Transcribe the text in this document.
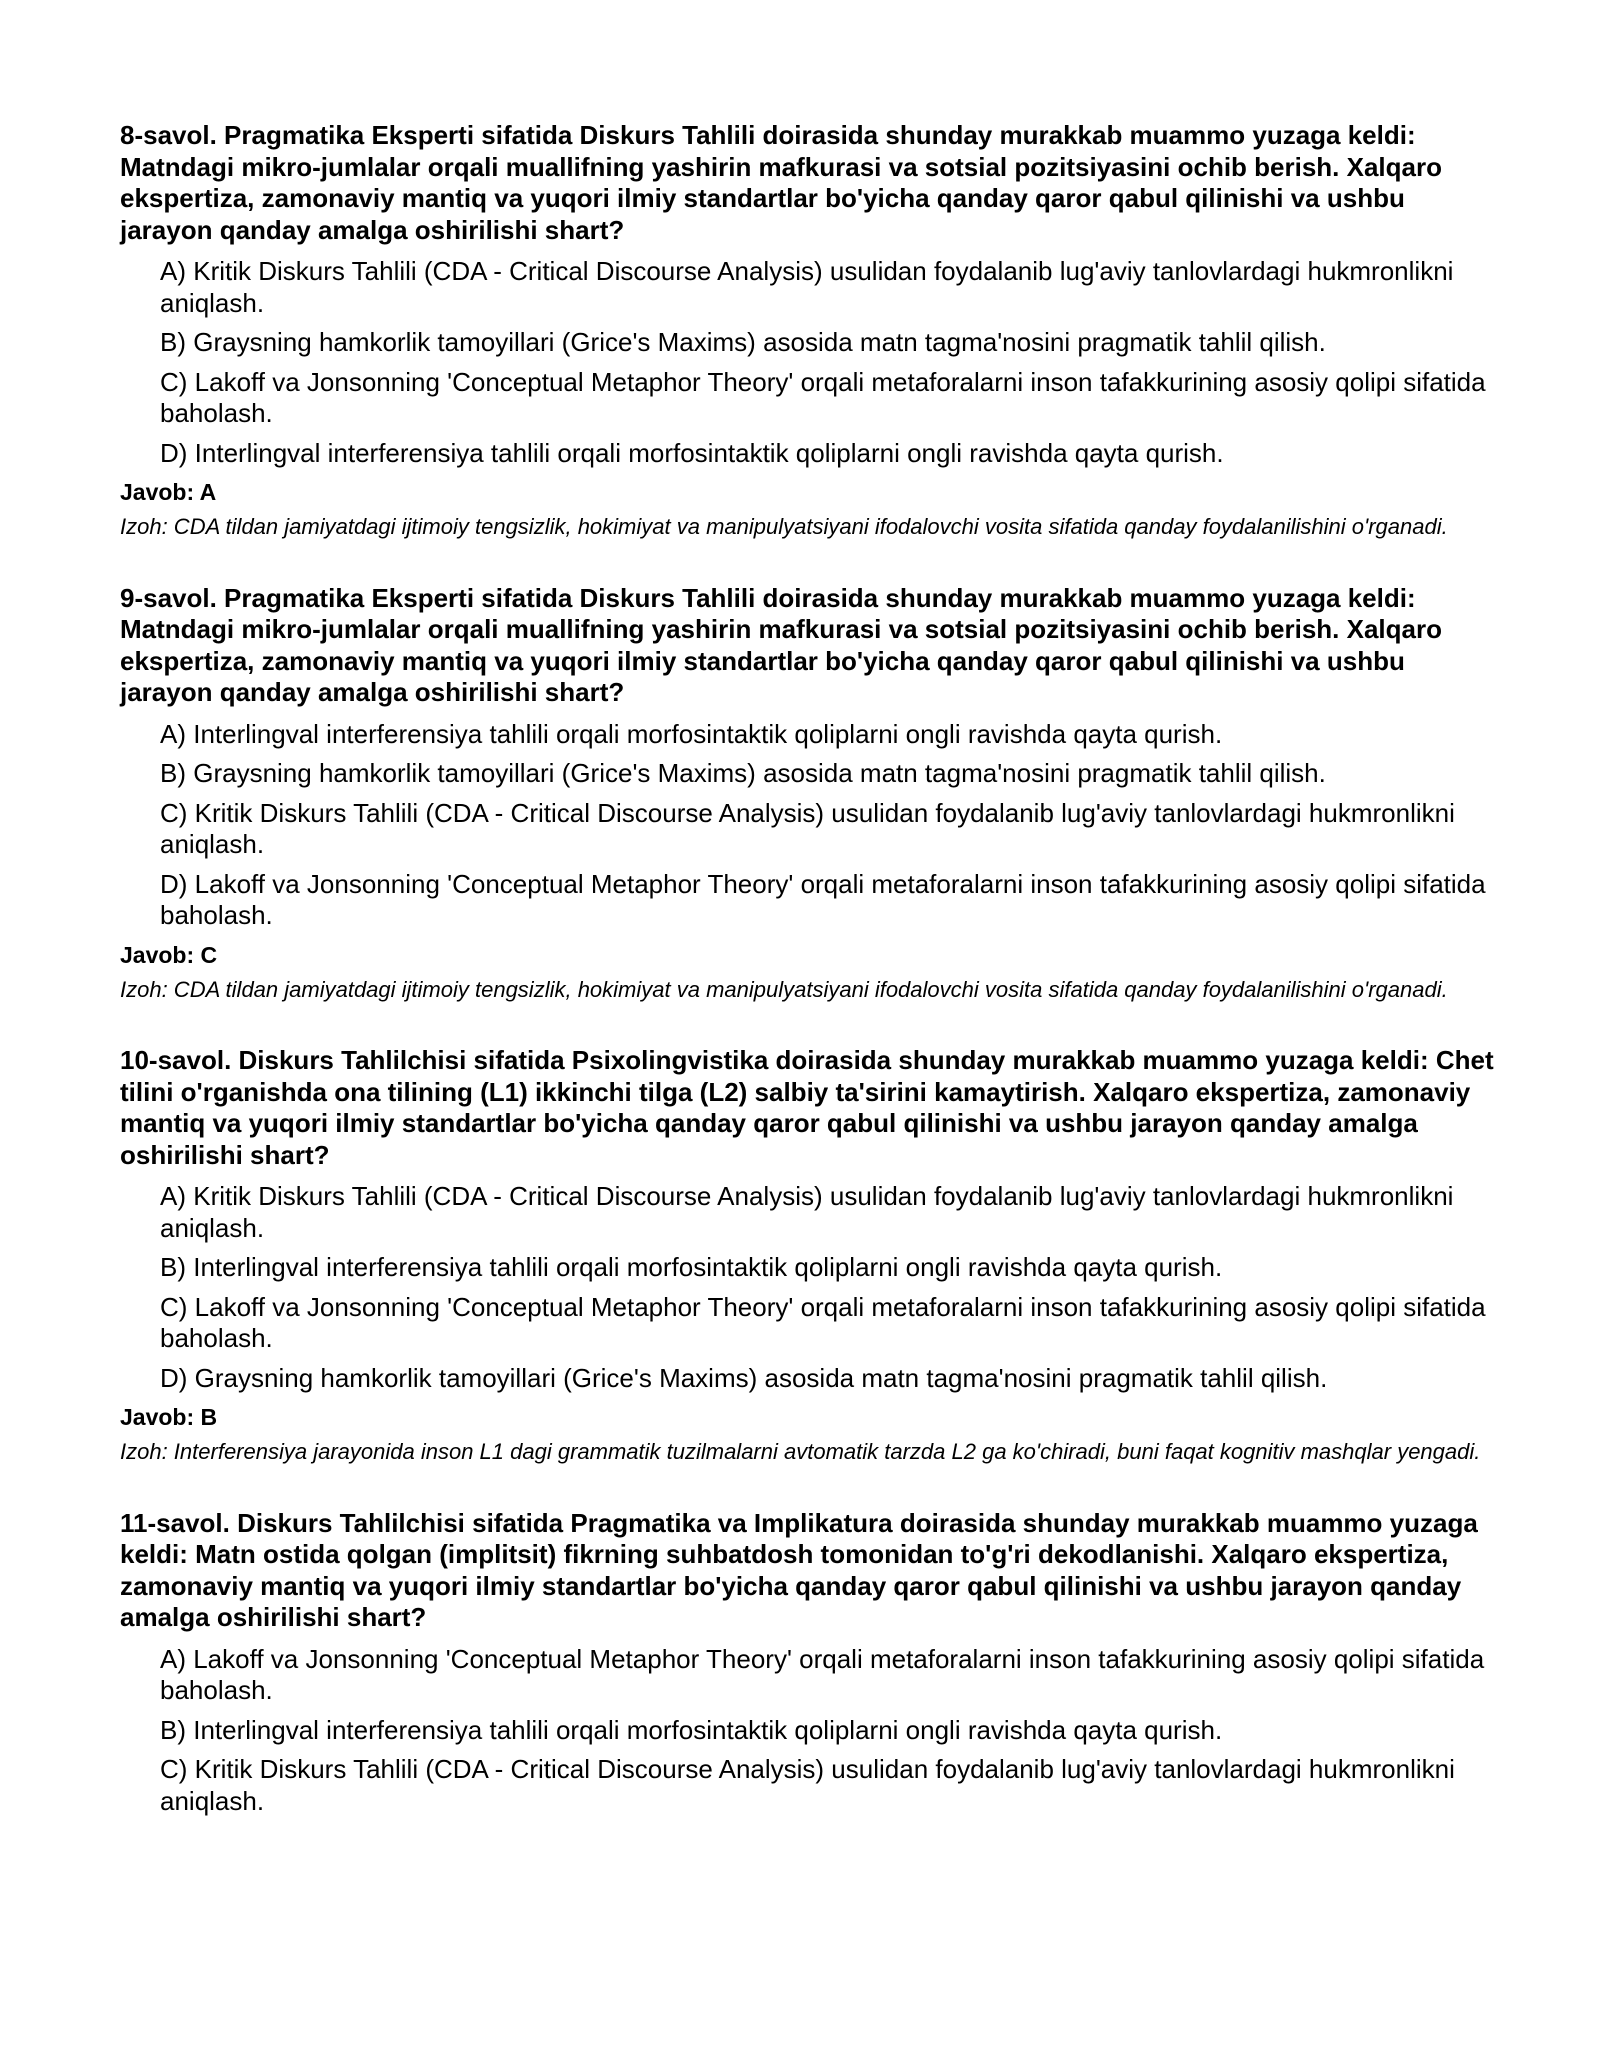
8-savol. Pragmatika Eksperti sifatida Diskurs Tahlili doirasida shunday murakkab muammo yuzaga keldi: Matndagi mikro-jumlalar orqali muallifning yashirin mafkurasi va sotsial pozitsiyasini ochib berish. Xalqaro ekspertiza, zamonaviy mantiq va yuqori ilmiy standartlar bo'yicha qanday qaror qabul qilinishi va ushbu jarayon qanday amalga oshirilishi shart?

A) Kritik Diskurs Tahlili (CDA - Critical Discourse Analysis) usulidan foydalanib lug'aviy tanlovlardagi hukmronlikni aniqlash.
B) Graysning hamkorlik tamoyillari (Grice's Maxims) asosida matn tagma'nosini pragmatik tahlil qilish.
C) Lakoff va Jonsonning 'Conceptual Metaphor Theory' orqali metaforalarni inson tafakkurining asosiy qolipi sifatida baholash.
D) Interlingval interferensiya tahlili orqali morfosintaktik qoliplarni ongli ravishda qayta qurish.

Javob: A

Izoh: CDA tildan jamiyatdagi ijtimoiy tengsizlik, hokimiyat va manipulyatsiyani ifodalovchi vosita sifatida qanday foydalanilishini o'rganadi.

9-savol. Pragmatika Eksperti sifatida Diskurs Tahlili doirasida shunday murakkab muammo yuzaga keldi: Matndagi mikro-jumlalar orqali muallifning yashirin mafkurasi va sotsial pozitsiyasini ochib berish. Xalqaro ekspertiza, zamonaviy mantiq va yuqori ilmiy standartlar bo'yicha qanday qaror qabul qilinishi va ushbu jarayon qanday amalga oshirilishi shart?

A) Interlingval interferensiya tahlili orqali morfosintaktik qoliplarni ongli ravishda qayta qurish.
B) Graysning hamkorlik tamoyillari (Grice's Maxims) asosida matn tagma'nosini pragmatik tahlil qilish.
C) Kritik Diskurs Tahlili (CDA - Critical Discourse Analysis) usulidan foydalanib lug'aviy tanlovlardagi hukmronlikni aniqlash.
D) Lakoff va Jonsonning 'Conceptual Metaphor Theory' orqali metaforalarni inson tafakkurining asosiy qolipi sifatida baholash.

Javob: C

Izoh: CDA tildan jamiyatdagi ijtimoiy tengsizlik, hokimiyat va manipulyatsiyani ifodalovchi vosita sifatida qanday foydalanilishini o'rganadi.

10-savol. Diskurs Tahlilchisi sifatida Psixolingvistika doirasida shunday murakkab muammo yuzaga keldi: Chet tilini o'rganishda ona tilining (L1) ikkinchi tilga (L2) salbiy ta'sirini kamaytirish. Xalqaro ekspertiza, zamonaviy mantiq va yuqori ilmiy standartlar bo'yicha qanday qaror qabul qilinishi va ushbu jarayon qanday amalga oshirilishi shart?

A) Kritik Diskurs Tahlili (CDA - Critical Discourse Analysis) usulidan foydalanib lug'aviy tanlovlardagi hukmronlikni aniqlash.
B) Interlingval interferensiya tahlili orqali morfosintaktik qoliplarni ongli ravishda qayta qurish.
C) Lakoff va Jonsonning 'Conceptual Metaphor Theory' orqali metaforalarni inson tafakkurining asosiy qolipi sifatida baholash.
D) Graysning hamkorlik tamoyillari (Grice's Maxims) asosida matn tagma'nosini pragmatik tahlil qilish.

Javob: B

Izoh: Interferensiya jarayonida inson L1 dagi grammatik tuzilmalarni avtomatik tarzda L2 ga ko'chiradi, buni faqat kognitiv mashqlar yengadi.

11-savol. Diskurs Tahlilchisi sifatida Pragmatika va Implikatura doirasida shunday murakkab muammo yuzaga keldi: Matn ostida qolgan (implitsit) fikrning suhbatdosh tomonidan to'g'ri dekodlanishi. Xalqaro ekspertiza, zamonaviy mantiq va yuqori ilmiy standartlar bo'yicha qanday qaror qabul qilinishi va ushbu jarayon qanday amalga oshirilishi shart?

A) Lakoff va Jonsonning 'Conceptual Metaphor Theory' orqali metaforalarni inson tafakkurining asosiy qolipi sifatida baholash.
B) Interlingval interferensiya tahlili orqali morfosintaktik qoliplarni ongli ravishda qayta qurish.
C) Kritik Diskurs Tahlili (CDA - Critical Discourse Analysis) usulidan foydalanib lug'aviy tanlovlardagi hukmronlikni aniqlash.
